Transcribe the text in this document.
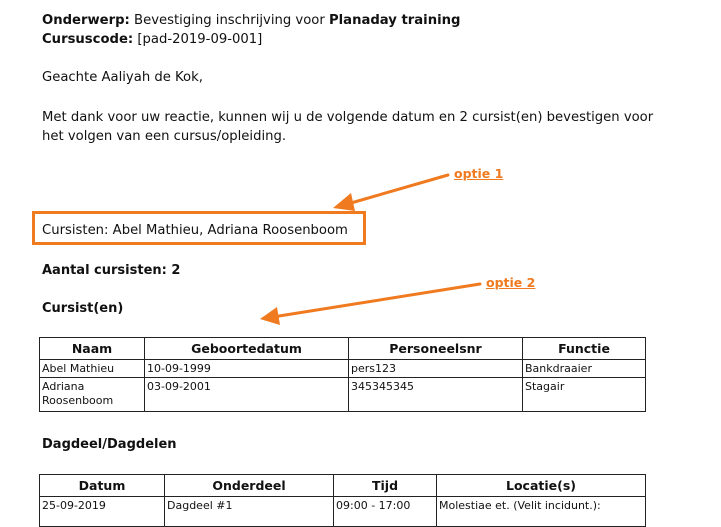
Onderwerp: Bevestiging inschrijving voor Planaday training
Cursuscode: [pad-2019-09-001]
Geachte Aaliyah de Kok,
Met dank voor uw reactie, kunnen wij u de volgende datum en 2 cursist(en) bevestigen voor het volgen van een cursus/opleiding.
Cursisten: Abel Mathieu, Adriana Roosenboom
Aantal cursisten: 2
Cursist(en)
Dagdeel/Dagdelen
optie 1
optie 2
Naam	Geboortedatum	Personeelsnr	Functie
Abel Mathieu	10-09-1999	pers123	Bankdraaier
Adriana Roosenboom	03-09-2001	345345345	Stagair
Datum	Onderdeel	Tijd	Locatie(s)
25-09-2019	Dagdeel #1	09:00 - 17:00	Molestiae et. (Velit incidunt.):
